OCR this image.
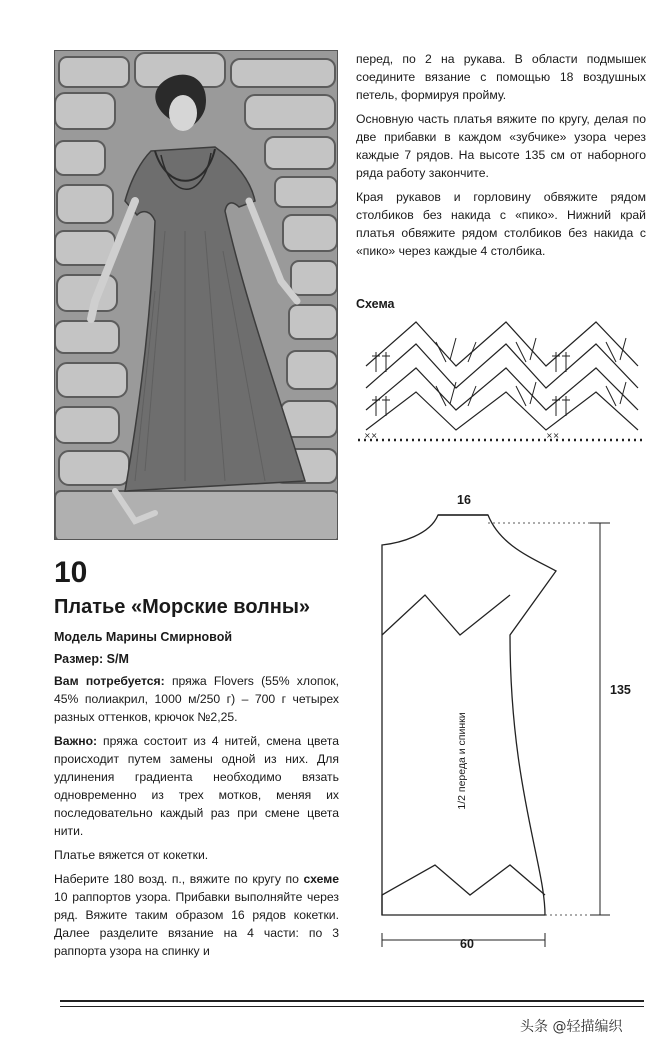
перед, по 2 на рукава. В области подмышек соедините вязание с помощью 18 воздушных петель, формируя пройму.

Основную часть платья вяжите по кругу, делая по две прибавки в каждом «зубчике» узора через каждые 7 рядов. На высоте 135 см от наборного ряда работу закончите.

Края рукавов и горловину обвяжите рядом столбиков без накида с «пико». Нижний край платья обвяжите рядом столбиков без накида с «пико» через каждые 4 столбика.

Схема
××	××
16
135
60
1/2 переда и спинки
10
Платье «Морские волны»
Модель Марины Смирновой
Размер: S/M

Вам потребуется: пряжа Flovers (55% хлопок, 45% полиакрил, 1000 м/250 г) – 700 г четырех разных оттенков, крючок №2,25.

Важно: пряжа состоит из 4 нитей, смена цвета происходит путем замены одной из них. Для удлинения градиента необходимо вязать одновременно из трех мотков, меняя их последовательно каждый раз при смене цвета нити.

Платье вяжется от кокетки.

Наберите 180 возд. п., вяжите по кругу по схеме 10 раппортов узора. Прибавки выполняйте через ряд. Вяжите таким образом 16 рядов кокетки. Далее разделите вязание на 4 части: по 3 раппорта узора на спинку и

头条 @轻描编织
